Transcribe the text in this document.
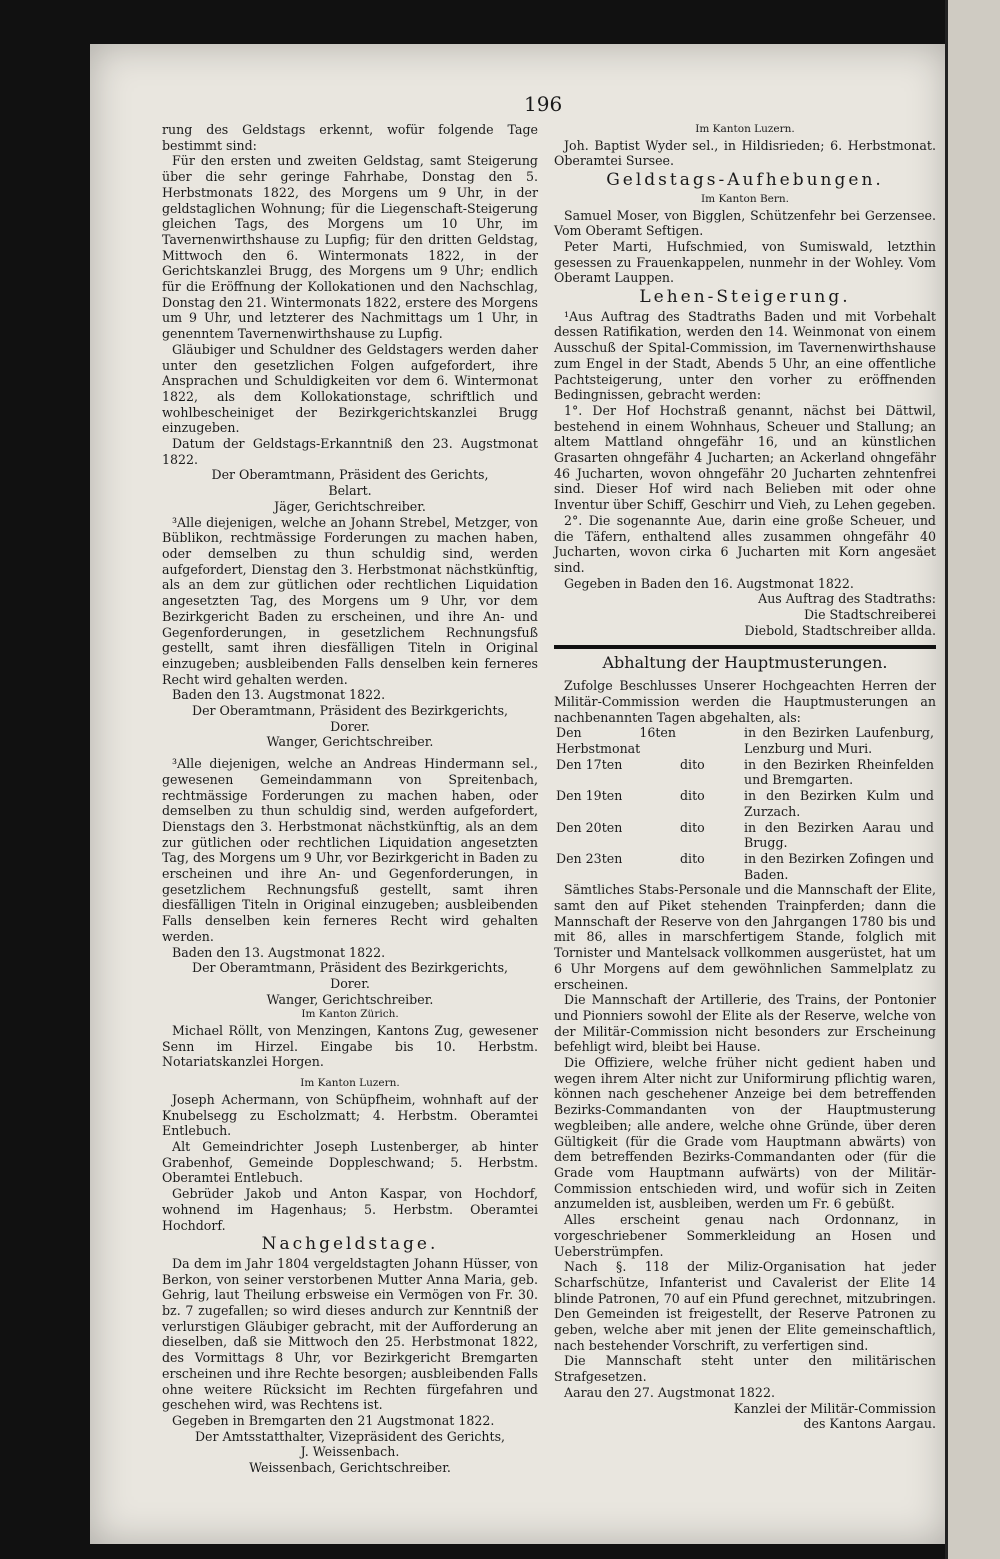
196

rung des Geldstags erkennt, wofür folgende Tage bestimmt sind:

Für den ersten und zweiten Geldstag, samt Steigerung über die sehr geringe Fahrhabe, Donstag den 5. Herbstmonats 1822, des Morgens um 9 Uhr, in der geldstaglichen Wohnung; für die Liegenschaft-Steigerung gleichen Tags, des Morgens um 10 Uhr, im Tavernenwirthshause zu Lupfig; für den dritten Geldstag, Mittwoch den 6. Wintermonats 1822, in der Gerichtskanzlei Brugg, des Morgens um 9 Uhr; endlich für die Eröffnung der Kollokationen und den Nachschlag, Donstag den 21. Wintermonats 1822, erstere des Morgens um 9 Uhr, und letzterer des Nachmittags um 1 Uhr, in genenntem Tavernenwirthshause zu Lupfig.

Gläubiger und Schuldner des Geldstagers werden daher unter den gesetzlichen Folgen aufgefordert, ihre Ansprachen und Schuldigkeiten vor dem 6. Wintermonat 1822, als dem Kollokationstage, schriftlich und wohlbescheiniget der Bezirkgerichtskanzlei Brugg einzugeben.

Datum der Geldstags-Erkanntniß den 23. Augstmonat 1822.

Der Oberamtmann, Präsident des Gerichts,

Belart.

Jäger, Gerichtschreiber.

³Alle diejenigen, welche an Johann Strebel, Metzger, von Büblikon, rechtmässige Forderungen zu machen haben, oder demselben zu thun schuldig sind, werden aufgefordert, Dienstag den 3. Herbstmonat nächstkünftig, als an dem zur gütlichen oder rechtlichen Liquidation angesetzten Tag, des Morgens um 9 Uhr, vor dem Bezirkgericht Baden zu erscheinen, und ihre An- und Gegenforderungen, in gesetzlichem Rechnungsfuß gestellt, samt ihren diesfälligen Titeln in Original einzugeben; ausbleibenden Falls denselben kein ferneres Recht wird gehalten werden.

Baden den 13. Augstmonat 1822.

Der Oberamtmann, Präsident des Bezirkgerichts,

Dorer.

Wanger, Gerichtschreiber.

³Alle diejenigen, welche an Andreas Hindermann sel., gewesenen Gemeindammann von Spreitenbach, rechtmässige Forderungen zu machen haben, oder demselben zu thun schuldig sind, werden aufgefordert, Dienstags den 3. Herbstmonat nächstkünftig, als an dem zur gütlichen oder rechtlichen Liquidation angesetzten Tag, des Morgens um 9 Uhr, vor Bezirkgericht in Baden zu erscheinen und ihre An- und Gegenforderungen, in gesetzlichem Rechnungsfuß gestellt, samt ihren diesfälligen Titeln in Original einzugeben; ausbleibenden Falls denselben kein ferneres Recht wird gehalten werden.

Baden den 13. Augstmonat 1822.

Der Oberamtmann, Präsident des Bezirkgerichts,

Dorer.

Wanger, Gerichtschreiber.

Im Kanton Zürich.

Michael Röllt, von Menzingen, Kantons Zug, gewesener Senn im Hirzel. Eingabe bis 10. Herbstm. Notariatskanzlei Horgen.

Im Kanton Luzern.

Joseph Achermann, von Schüpfheim, wohnhaft auf der Knubelsegg zu Escholzmatt; 4. Herbstm. Oberamtei Entlebuch.

Alt Gemeindrichter Joseph Lustenberger, ab hinter Grabenhof, Gemeinde Doppleschwand; 5. Herbstm. Oberamtei Entlebuch.

Gebrüder Jakob und Anton Kaspar, von Hochdorf, wohnend im Hagenhaus; 5. Herbstm. Oberamtei Hochdorf.

Nachgeldstage.

Da dem im Jahr 1804 vergeldstagten Johann Hüsser, von Berkon, von seiner verstorbenen Mutter Anna Maria, geb. Gehrig, laut Theilung erbsweise ein Vermögen von Fr. 30. bz. 7 zugefallen; so wird dieses andurch zur Kenntniß der verlurstigen Gläubiger gebracht, mit der Aufforderung an dieselben, daß sie Mittwoch den 25. Herbstmonat 1822, des Vormittags 8 Uhr, vor Bezirkgericht Bremgarten erscheinen und ihre Rechte besorgen; ausbleibenden Falls ohne weitere Rücksicht im Rechten fürgefahren und geschehen wird, was Rechtens ist.

Gegeben in Bremgarten den 21 Augstmonat 1822.

Der Amtsstatthalter, Vizepräsident des Gerichts,

J. Weissenbach.

Weissenbach, Gerichtschreiber.

Im Kanton Luzern.

Joh. Baptist Wyder sel., in Hildisrieden; 6. Herbstmonat. Oberamtei Sursee.

Geldstags-Aufhebungen.

Im Kanton Bern.

Samuel Moser, von Bigglen, Schützenfehr bei Gerzensee. Vom Oberamt Seftigen.

Peter Marti, Hufschmied, von Sumiswald, letzthin gesessen zu Frauenkappelen, nunmehr in der Wohley. Vom Oberamt Lauppen.

Lehen-Steigerung.

¹Aus Auftrag des Stadtraths Baden und mit Vorbehalt dessen Ratifikation, werden den 14. Weinmonat von einem Ausschuß der Spital-Commission, im Tavernenwirthshause zum Engel in der Stadt, Abends 5 Uhr, an eine offentliche Pachtsteigerung, unter den vorher zu eröffnenden Bedingnissen, gebracht werden:

1°. Der Hof Hochstraß genannt, nächst bei Dättwil, bestehend in einem Wohnhaus, Scheuer und Stallung; an altem Mattland ohngefähr 16, und an künstlichen Grasarten ohngefähr 4 Jucharten; an Ackerland ohngefähr 46 Jucharten, wovon ohngefähr 20 Jucharten zehntenfrei sind. Dieser Hof wird nach Belieben mit oder ohne Inventur über Schiff, Geschirr und Vieh, zu Lehen gegeben.

2°. Die sogenannte Aue, darin eine große Scheuer, und die Täfern, enthaltend alles zusammen ohngefähr 40 Jucharten, wovon cirka 6 Jucharten mit Korn angesäet sind.

Gegeben in Baden den 16. Augstmonat 1822.

Aus Auftrag des Stadtraths:

Die Stadtschreiberei

Diebold, Stadtschreiber allda.

Abhaltung der Hauptmusterungen.

Zufolge Beschlusses Unserer Hochgeachten Herren der Militär-Commission werden die Hauptmusterungen an nachbenannten Tagen abgehalten, als:

Den 16ten Herbstmonat		in den Bezirken Laufenburg, Lenzburg und Muri.
Den 17ten	dito	in den Bezirken Rheinfelden und Bremgarten.
Den 19ten	dito	in den Bezirken Kulm und Zurzach.
Den 20ten	dito	in den Bezirken Aarau und Brugg.
Den 23ten	dito	in den Bezirken Zofingen und Baden.

Sämtliches Stabs-Personale und die Mannschaft der Elite, samt den auf Piket stehenden Trainpferden; dann die Mannschaft der Reserve von den Jahrgangen 1780 bis und mit 86, alles in marschfertigem Stande, folglich mit Tornister und Mantelsack vollkommen ausgerüstet, hat um 6 Uhr Morgens auf dem gewöhnlichen Sammelplatz zu erscheinen.

Die Mannschaft der Artillerie, des Trains, der Pontonier und Pionniers sowohl der Elite als der Reserve, welche von der Militär-Commission nicht besonders zur Erscheinung befehligt wird, bleibt bei Hause.

Die Offiziere, welche früher nicht gedient haben und wegen ihrem Alter nicht zur Uniformirung pflichtig waren, können nach geschehener Anzeige bei dem betreffenden Bezirks-Commandanten von der Hauptmusterung wegbleiben; alle andere, welche ohne Gründe, über deren Gültigkeit (für die Grade vom Hauptmann abwärts) von dem betreffenden Bezirks-Commandanten oder (für die Grade vom Hauptmann aufwärts) von der Militär-Commission entschieden wird, und wofür sich in Zeiten anzumelden ist, ausbleiben, werden um Fr. 6 gebüßt.

Alles erscheint genau nach Ordonnanz, in vorgeschriebener Sommerkleidung an Hosen und Ueberstrümpfen.

Nach §. 118 der Miliz-Organisation hat jeder Scharfschütze, Infanterist und Cavalerist der Elite 14 blinde Patronen, 70 auf ein Pfund gerechnet, mitzubringen. Den Gemeinden ist freigestellt, der Reserve Patronen zu geben, welche aber mit jenen der Elite gemeinschaftlich, nach bestehender Vorschrift, zu verfertigen sind.

Die Mannschaft steht unter den militärischen Strafgesetzen.

Aarau den 27. Augstmonat 1822.

Kanzlei der Militär-Commission

des Kantons Aargau.
